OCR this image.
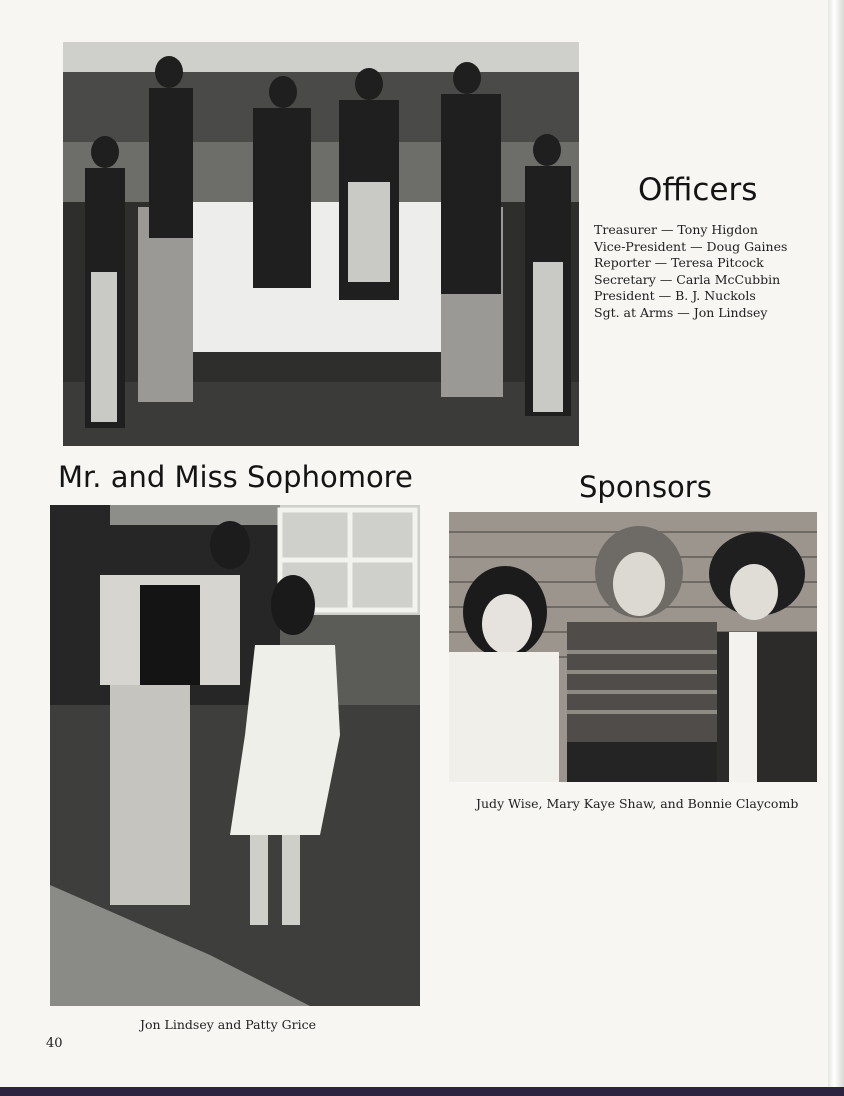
Officers
Treasurer — Tony Higdon
Vice-President — Doug Gaines
Reporter — Teresa Pitcock
Secretary — Carla McCubbin
President — B. J. Nuckols
Sgt. at Arms — Jon Lindsey
Mr. and Miss Sophomore	Sponsors

Judy Wise, Mary Kaye Shaw, and Bonnie Claycomb

Jon Lindsey and Patty Grice

40
